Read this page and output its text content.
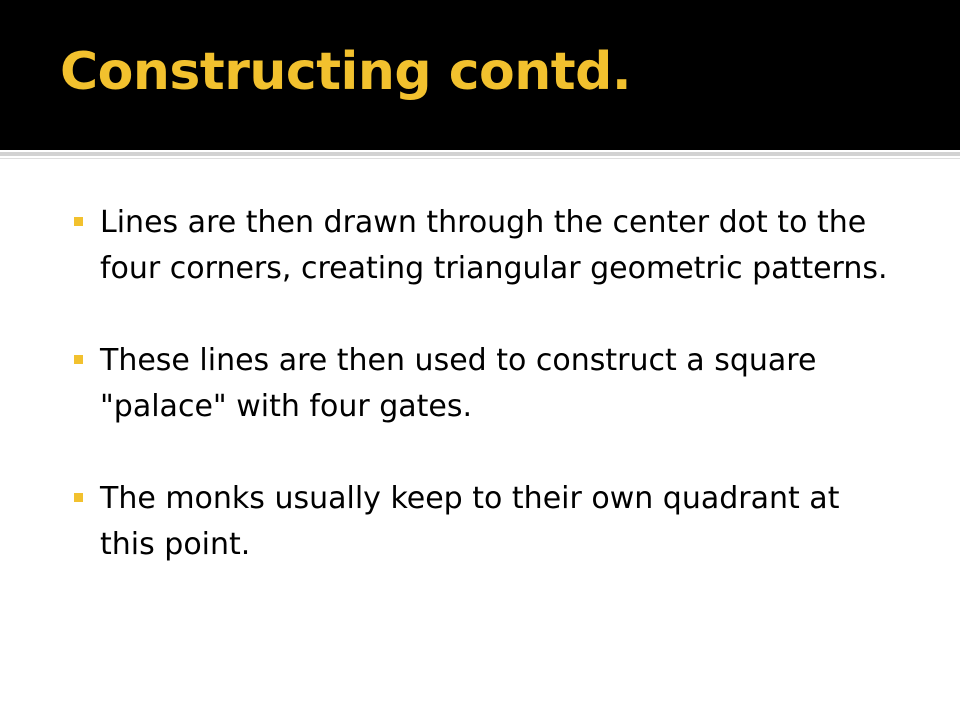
Constructing contd.
Lines are then drawn through the center dot to the four corners, creating triangular geometric patterns.
These lines are then used to construct a square "palace" with four gates.
The monks usually keep to their own quadrant at this point.
